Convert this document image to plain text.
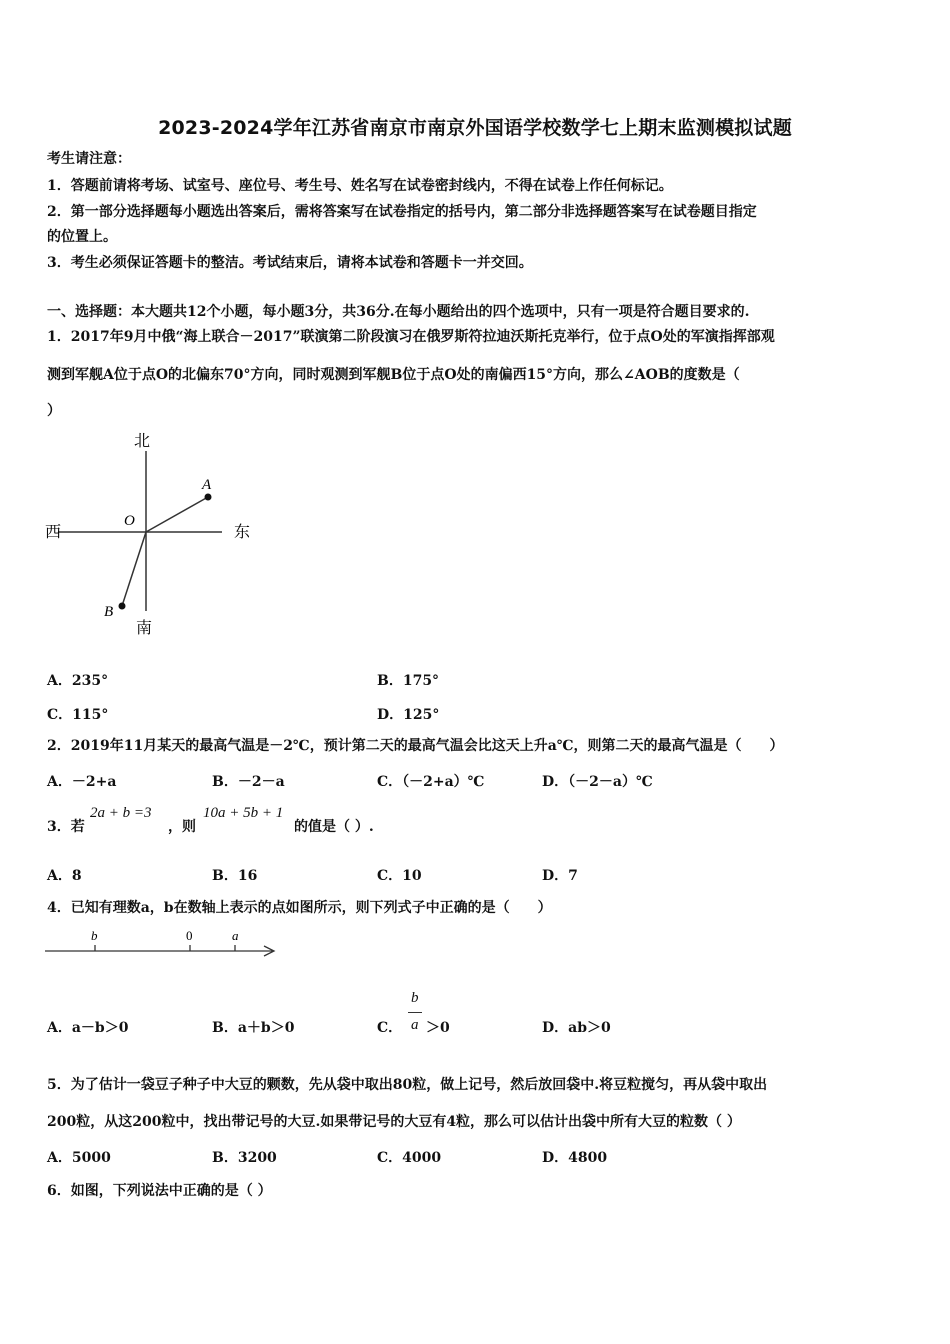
2023-2024学年江苏省南京市南京外国语学校数学七上期末监测模拟试题
考生请注意：
1．答题前请将考场、试室号、座位号、考生号、姓名写在试卷密封线内，不得在试卷上作任何标记。
2．第一部分选择题每小题选出答案后，需将答案写在试卷指定的括号内，第二部分非选择题答案写在试卷题目指定
的位置上。
3．考生必须保证答题卡的整洁。考试结束后，请将本试卷和答题卡一并交回。
一、选择题：本大题共12个小题，每小题3分，共36分.在每小题给出的四个选项中，只有一项是符合题目要求的.
1．2017年9月中俄“海上联合－2017”联演第二阶段演习在俄罗斯符拉迪沃斯托克举行，位于点O处的军演指挥部观
测到军舰A位于点O的北偏东70°方向，同时观测到军舰B位于点O处的南偏西15°方向，那么∠AOB的度数是（
）
北
南
西	东
O
A
B
A．235°	B．175°
C．115°	D．125°
2．2019年11月某天的最高气温是－2℃，预计第二天的最高气温会比这天上升a℃，则第二天的最高气温是（　　）
A．－2+a	B．－2－a	C．（－2+a）℃	D．（－2－a）℃
3．若
2a + b =3
，则
10a + 5b + 1
的值是（ ）.
A．8	B．16	C．10	D．7
4．已知有理数a，b在数轴上表示的点如图所示，则下列式子中正确的是（　　）
b	0	a
A．a－b＞0	B．a＋b＞0	C．
b
a ＞0	D．ab＞0
5．为了估计一袋豆子种子中大豆的颗数，先从袋中取出80粒，做上记号，然后放回袋中.将豆粒搅匀，再从袋中取出
200粒，从这200粒中，找出带记号的大豆.如果带记号的大豆有4粒，那么可以估计出袋中所有大豆的粒数（ ）
A．5000	B．3200	C．4000	D．4800
6．如图，下列说法中正确的是（ ）
